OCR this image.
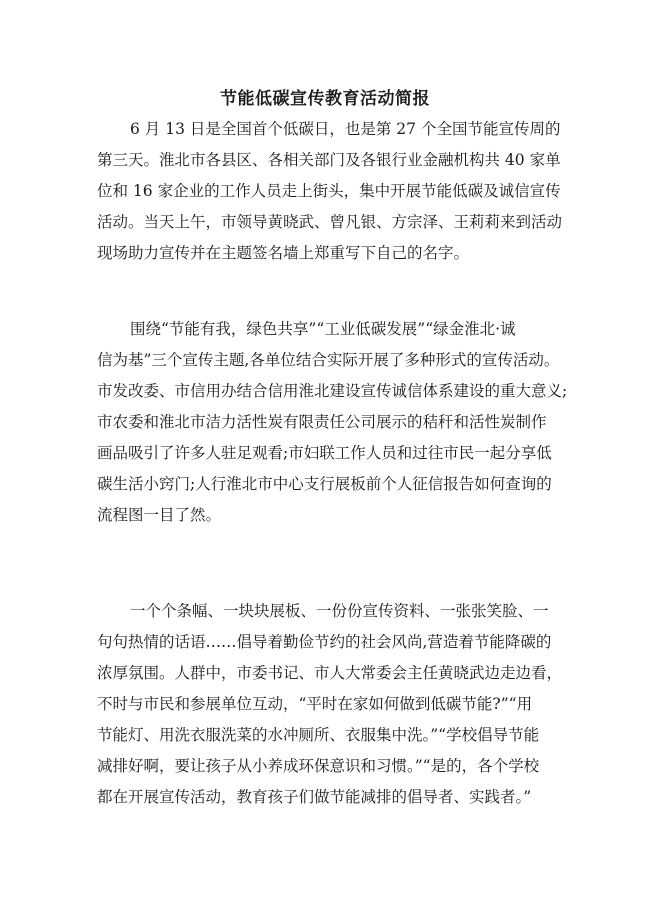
节能低碳宣传教育活动简报
6 月 13 日是全国首个低碳日，也是第 27 个全国节能宣传周的
第三天。淮北市各县区、各相关部门及各银行业金融机构共 40 家单
位和 16 家企业的工作人员走上街头，集中开展节能低碳及诚信宣传
活动。当天上午，市领导黄晓武、曾凡银、方宗泽、王莉莉来到活动
现场助力宣传并在主题签名墙上郑重写下自己的名字。
围绕“节能有我，绿色共享”“工业低碳发展”“绿金淮北·诚
信为基”三个宣传主题,各单位结合实际开展了多种形式的宣传活动。
市发改委、市信用办结合信用淮北建设宣传诚信体系建设的重大意义;
市农委和淮北市洁力活性炭有限责任公司展示的秸秆和活性炭制作
画品吸引了许多人驻足观看;市妇联工作人员和过往市民一起分享低
碳生活小窍门;人行淮北市中心支行展板前个人征信报告如何查询的
流程图一目了然。
一个个条幅、一块块展板、一份份宣传资料、一张张笑脸、一
句句热情的话语……倡导着勤俭节约的社会风尚,营造着节能降碳的
浓厚氛围。人群中，市委书记、市人大常委会主任黄晓武边走边看，
不时与市民和参展单位互动，“平时在家如何做到低碳节能?”“用
节能灯、用洗衣服洗菜的水冲厕所、衣服集中洗。”“学校倡导节能
减排好啊，要让孩子从小养成环保意识和习惯。”“是的，各个学校
都在开展宣传活动，教育孩子们做节能减排的倡导者、实践者。”
